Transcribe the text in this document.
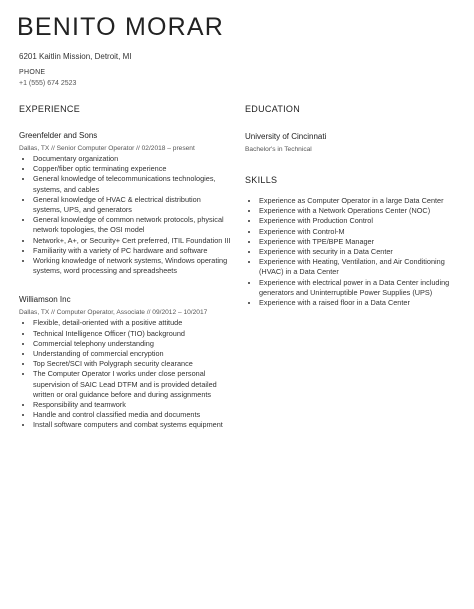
BENITO MORAR
6201 Kaitlin Mission, Detroit, MI
PHONE
+1 (555) 674 2523
EXPERIENCE
Greenfelder and Sons
Dallas, TX // Senior Computer Operator // 02/2018 – present
• Documentary organization
• Copper/fiber optic terminating experience
• General knowledge of telecommunications technologies, systems, and cables
• General knowledge of HVAC & electrical distribution systems, UPS, and generators
• General knowledge of common network protocols, physical network topologies, the OSI model
• Network+, A+, or Security+ Cert preferred, ITIL Foundation III
• Familiarity with a variety of PC hardware and software
• Working knowledge of network systems, Windows operating systems, word processing and spreadsheets
Williamson Inc
Dallas, TX // Computer Operator, Associate // 09/2012 – 10/2017
• Flexible, detail-oriented with a positive attitude
• Technical Intelligence Officer (TIO) background
• Commercial telephony understanding
• Understanding of commercial encryption
• Top Secret/SCI with Polygraph security clearance
• The Computer Operator I works under close personal supervision of SAIC Lead DTFM and is provided detailed written or oral guidance before and during assignments
• Responsibility and teamwork
• Handle and control classified media and documents
• Install software computers and combat systems equipment
EDUCATION
University of Cincinnati
Bachelor's in Technical
SKILLS
• Experience as Computer Operator in a large Data Center
• Experience with a Network Operations Center (NOC)
• Experience with Production Control
• Experience with Control-M
• Experience with TPE/BPE Manager
• Experience with security in a Data Center
• Experience with Heating, Ventilation, and Air Conditioning (HVAC) in a Data Center
• Experience with electrical power in a Data Center including generators and Uninterruptible Power Supplies (UPS)
• Experience with a raised floor in a Data Center
